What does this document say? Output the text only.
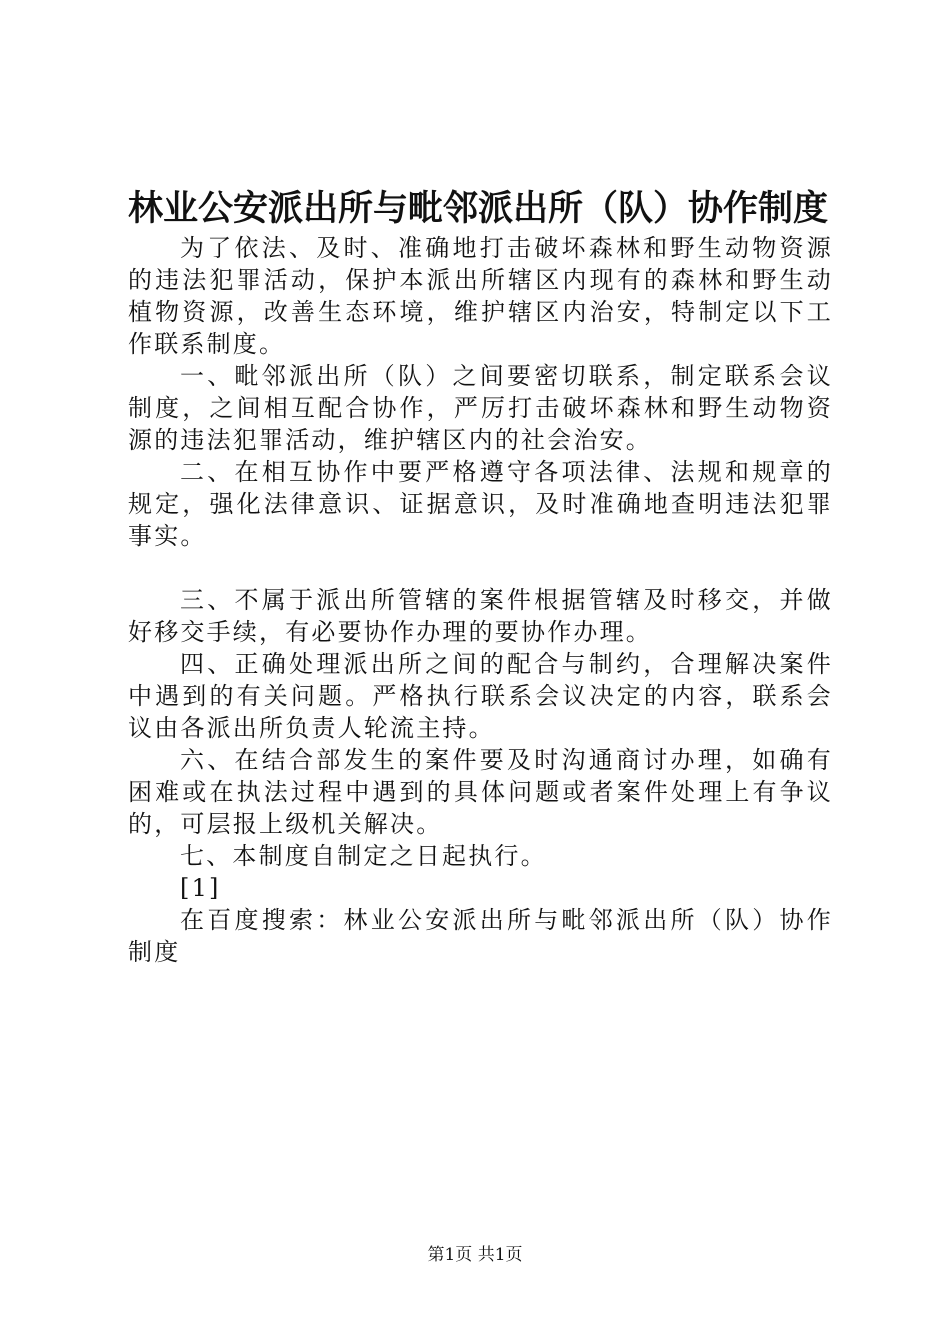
林业公安派出所与毗邻派出所（队）协作制度

为了依法、及时、准确地打击破坏森林和野生动物资源的违法犯罪活动，保护本派出所辖区内现有的森林和野生动植物资源，改善生态环境，维护辖区内治安，特制定以下工作联系制度。

一、毗邻派出所（队）之间要密切联系，制定联系会议制度，之间相互配合协作，严厉打击破坏森林和野生动物资源的违法犯罪活动，维护辖区内的社会治安。

二、在相互协作中要严格遵守各项法律、法规和规章的规定，强化法律意识、证据意识，及时准确地查明违法犯罪事实。

三、不属于派出所管辖的案件根据管辖及时移交，并做好移交手续，有必要协作办理的要协作办理。

四、正确处理派出所之间的配合与制约，合理解决案件中遇到的有关问题。严格执行联系会议决定的内容，联系会议由各派出所负责人轮流主持。

六、在结合部发生的案件要及时沟通商讨办理，如确有困难或在执法过程中遇到的具体问题或者案件处理上有争议的，可层报上级机关解决。

七、本制度自制定之日起执行。

[1]

在百度搜索：林业公安派出所与毗邻派出所（队）协作制度

第1页 共1页
